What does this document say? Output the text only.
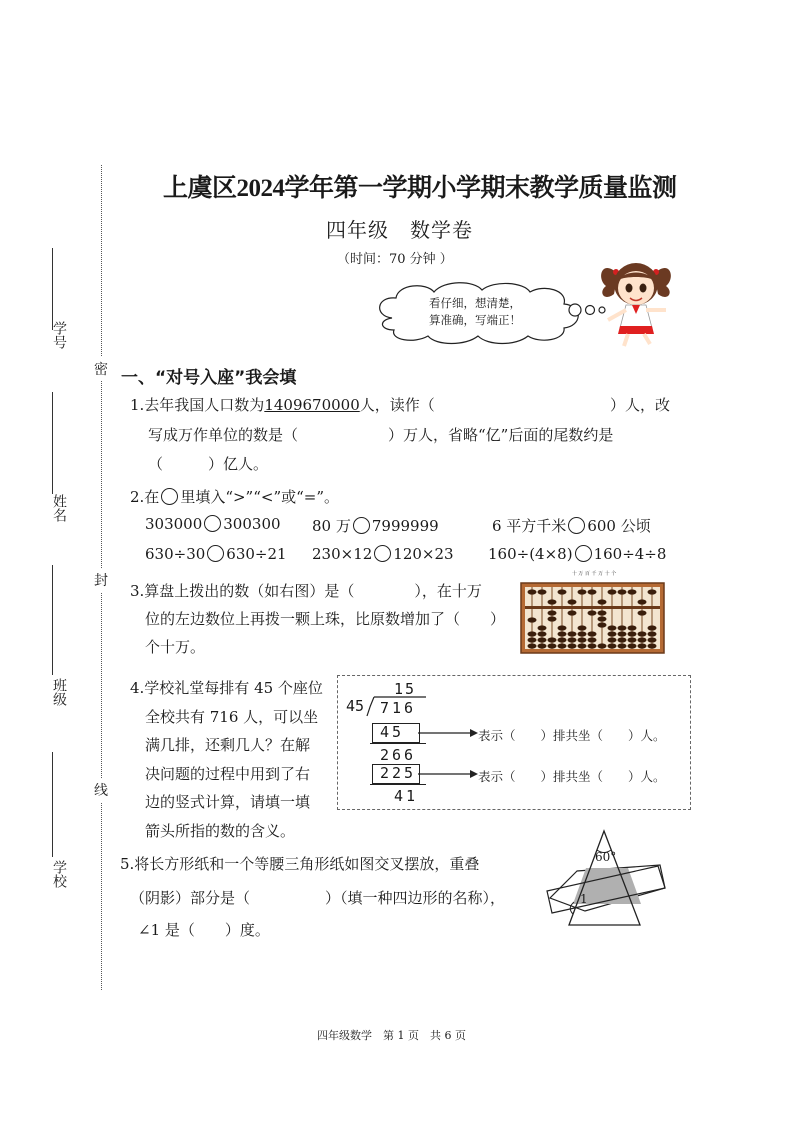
学号
姓名
班级
学校
密
封
线
上虞区2024学年第一学期小学期末教学质量监测
四年级　数学卷
（时间：70 分钟 ）
看仔细，想清楚，
算准确，写端正！
一、“对号入座”我会填
1.去年我国人口数为1409670000人，读作（	）人，改
写成万作单位的数是（　　　　　　）万人，省略“亿”后面的尾数约是
（　　　）亿人。
2.在 里填入“>”“<”或“=”。
303000 300300 80 万 7999999	6 平方千米 600 公顷
630÷30 630÷21 230×12 120×23 160÷(4×8) 160÷4÷8
3.算盘上拨出的数（如右图）是（　　　　），在十万
位的左边数位上再拨一颗上珠，比原数增加了（　　）
个十万。
十 万 百 千 万 十 个
4.学校礼堂每排有 45 个座位
全校共有 716 人，可以坐
满几排，还剩几人？在解
决问题的过程中用到了右
边的竖式计算，请填一填
箭头所指的数的含义。
15
45 716
45
266
225
41
表示（　　）排共坐（　　）人。
表示（　　）排共坐（　　）人。
5.将长方形纸和一个等腰三角形纸如图交叉摆放，重叠
（阴影）部分是（　　　　　）（填一种四边形的名称），
∠1 是（　　）度。
60°
1
四年级数学　第 1 页　共 6 页
